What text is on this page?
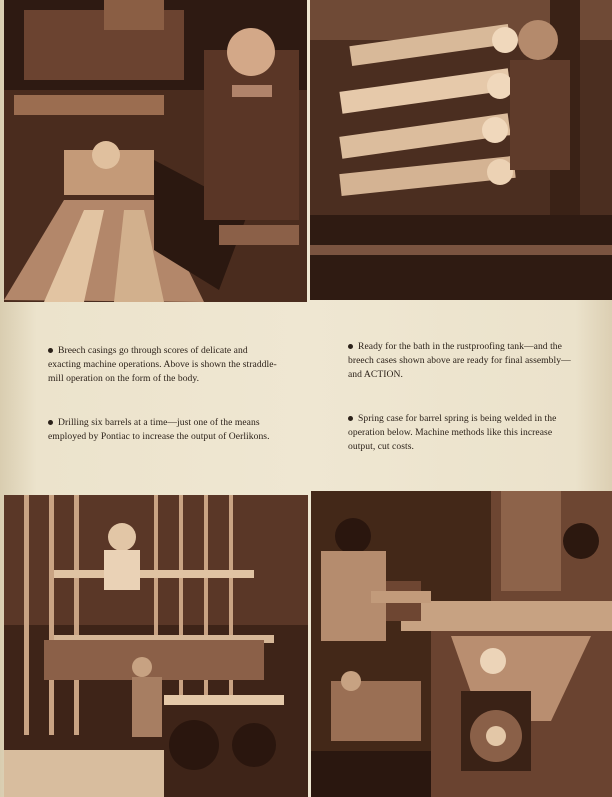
Breech casings go through scores of delicate and exacting machine operations. Above is shown the straddle-mill operation on the form of the body.
Drilling six barrels at a time—just one of the means employed by Pontiac to increase the output of Oerlikons.
Ready for the bath in the rustproofing tank—and the breech cases shown above are ready for final assembly—and ACTION.
Spring case for barrel spring is being welded in the operation below. Machine methods like this increase output, cut costs.
